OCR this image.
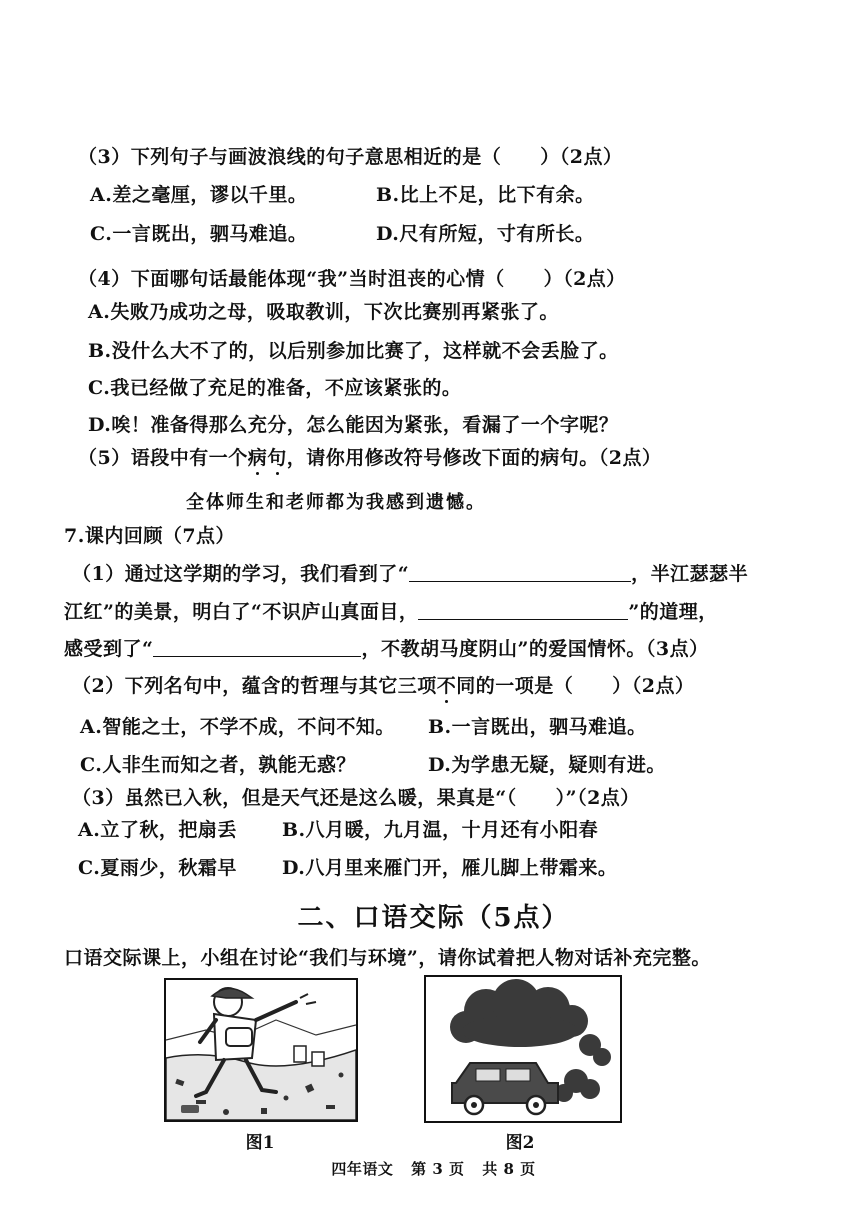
（3）下列句子与画波浪线的句子意思相近的是（　　）（2点）
A.差之毫厘，谬以千里。	B.比上不足，比下有余。
C.一言既出，驷马难追。	D.尺有所短，寸有所长。
（4）下面哪句话最能体现“我”当时沮丧的心情（　　）（2点）
A.失败乃成功之母，吸取教训，下次比赛别再紧张了。
B.没什么大不了的，以后别参加比赛了，这样就不会丢脸了。
C.我已经做了充足的准备，不应该紧张的。
D.唉！准备得那么充分，怎么能因为紧张，看漏了一个字呢？
（5）语段中有一个病句，请你用修改符号修改下面的病句。（2点）
全体师生和老师都为我感到遗憾。
7.课内回顾（7点）
（1）通过这学期的学习，我们看到了“	，半江瑟瑟半
江红”的美景，明白了“不识庐山真面目，	”的道理，
感受到了“	，不教胡马度阴山”的爱国情怀。（3点）
（2）下列名句中，蕴含的哲理与其它三项不同的一项是（　　）（2点）
A.智能之士，不学不成，不问不知。 B.一言既出，驷马难追。
C.人非生而知之者，孰能无惑？	D.为学患无疑，疑则有进。
（3）虽然已入秋，但是天气还是这么暖，果真是“（　　）”（2点）
A.立了秋，把扇丢 B.八月暖，九月温，十月还有小阳春
C.夏雨少，秋霜早 D.八月里来雁门开，雁儿脚上带霜来。
二、口语交际（5点）
口语交际课上，小组在讨论“我们与环境”，请你试着把人物对话补充完整。
图1	图2
四年语文 第 3 页 共 8 页
